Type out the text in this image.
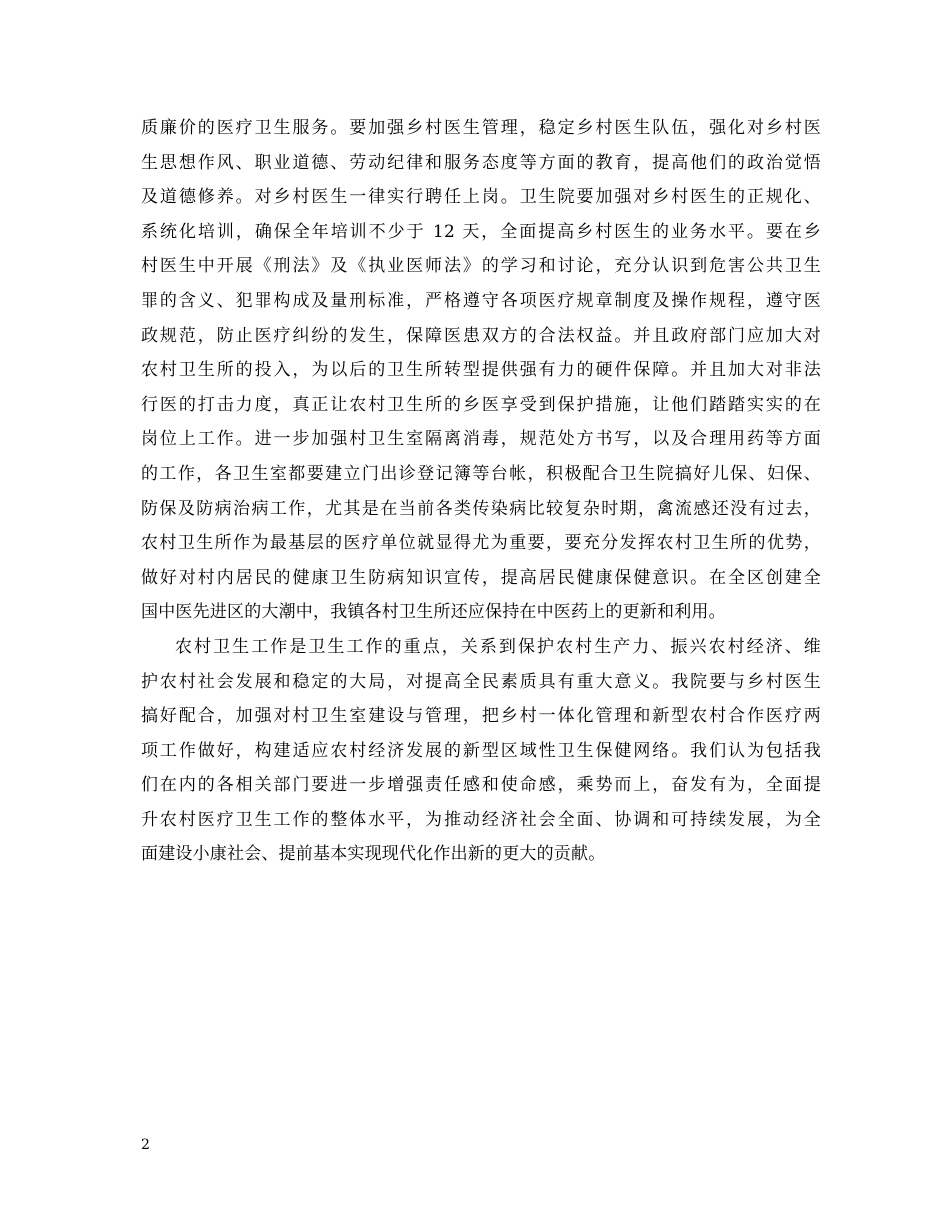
质廉价的医疗卫生服务。要加强乡村医生管理，稳定乡村医生队伍，强化对乡村医
生思想作风、职业道德、劳动纪律和服务态度等方面的教育，提高他们的政治觉悟
及道德修养。对乡村医生一律实行聘任上岗。卫生院要加强对乡村医生的正规化、
系统化培训，确保全年培训不少于 12 天，全面提高乡村医生的业务水平。要在乡
村医生中开展《刑法》及《执业医师法》的学习和讨论，充分认识到危害公共卫生
罪的含义、犯罪构成及量刑标准，严格遵守各项医疗规章制度及操作规程，遵守医
政规范，防止医疗纠纷的发生，保障医患双方的合法权益。并且政府部门应加大对
农村卫生所的投入，为以后的卫生所转型提供强有力的硬件保障。并且加大对非法
行医的打击力度，真正让农村卫生所的乡医享受到保护措施，让他们踏踏实实的在
岗位上工作。进一步加强村卫生室隔离消毒，规范处方书写，以及合理用药等方面
的工作，各卫生室都要建立门出诊登记簿等台帐，积极配合卫生院搞好儿保、妇保、
防保及防病治病工作，尤其是在当前各类传染病比较复杂时期，禽流感还没有过去，
农村卫生所作为最基层的医疗单位就显得尤为重要，要充分发挥农村卫生所的优势，
做好对村内居民的健康卫生防病知识宣传，提高居民健康保健意识。在全区创建全
国中医先进区的大潮中，我镇各村卫生所还应保持在中医药上的更新和利用。
农村卫生工作是卫生工作的重点，关系到保护农村生产力、振兴农村经济、维
护农村社会发展和稳定的大局，对提高全民素质具有重大意义。我院要与乡村医生
搞好配合，加强对村卫生室建设与管理，把乡村一体化管理和新型农村合作医疗两
项工作做好，构建适应农村经济发展的新型区域性卫生保健网络。我们认为包括我
们在内的各相关部门要进一步增强责任感和使命感，乘势而上，奋发有为，全面提
升农村医疗卫生工作的整体水平，为推动经济社会全面、协调和可持续发展，为全
面建设小康社会、提前基本实现现代化作出新的更大的贡献。
2
